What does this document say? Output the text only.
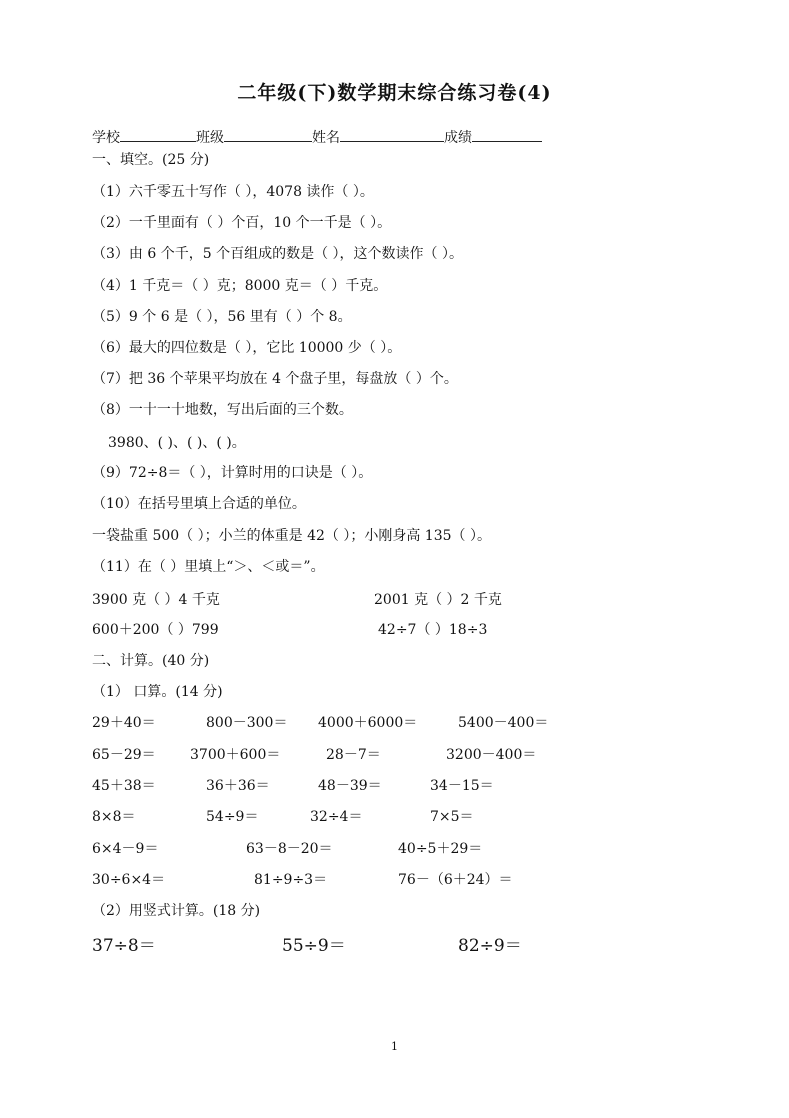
二年级(下)数学期末综合练习卷(4)
学校	班级	姓名	成绩
一、填空。(25 分)
（1）六千零五十写作（ ），4078 读作（ ）。
（2）一千里面有（ ）个百，10 个一千是（ ）。
（3）由 6 个千，5 个百组成的数是（ ），这个数读作（ ）。
（4）1 千克＝（ ）克；8000 克＝（ ）千克。
（5）9 个 6 是（ ），56 里有（ ）个 8。
（6）最大的四位数是（ ），它比 10000 少（ ）。
（7）把 36 个苹果平均放在 4 个盘子里，每盘放（ ）个。
（8）一十一十地数，写出后面的三个数。
3980、( )、( )、( )。
（9）72÷8＝（ ），计算时用的口诀是（ ）。
（10）在括号里填上合适的单位。
一袋盐重 500（ ）；小兰的体重是 42（ ）；小刚身高 135（ ）。
（11）在（ ）里填上“＞、＜或＝”。
3900 克（ ）4 千克	2001 克（ ）2 千克
600＋200（ ）799	42÷7（ ）18÷3
二、计算。(40 分)
（1） 口算。(14 分)
29＋40＝	800－300＝ 4000＋6000＝	5400－400＝
65－29＝ 3700＋600＝	28－7＝	3200－400＝
45＋38＝	36＋36＝	48－39＝	34－15＝
8×8＝	54÷9＝	32÷4＝	7×5＝
6×4－9＝	63－8－20＝	40÷5＋29＝
30÷6×4＝	81÷9÷3＝	76－（6＋24）＝
（2）用竖式计算。(18 分)
37÷8＝	55÷9＝	82÷9＝
1
